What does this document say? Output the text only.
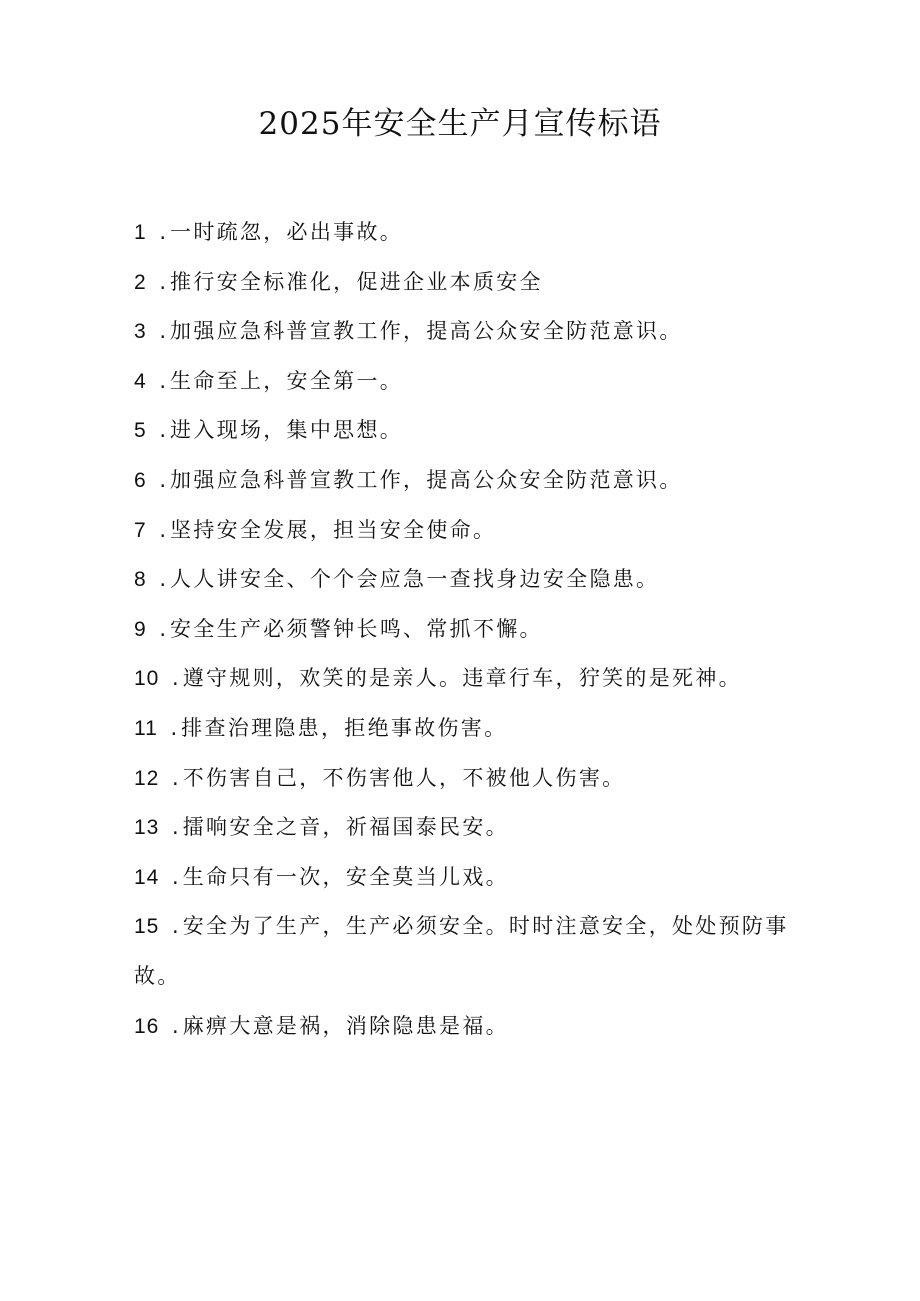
2025年安全生产月宣传标语
1 .一时疏忽，必出事故。
2 .推行安全标准化，促进企业本质安全
3 .加强应急科普宣教工作，提高公众安全防范意识。
4 .生命至上，安全第一。
5 .进入现场，集中思想。
6 .加强应急科普宣教工作，提高公众安全防范意识。
7 .坚持安全发展，担当安全使命。
8 .人人讲安全、个个会应急一查找身边安全隐患。
9 .安全生产必须警钟长鸣、常抓不懈。
10 .遵守规则，欢笑的是亲人。违章行车，狞笑的是死神。
11 .排查治理隐患，拒绝事故伤害。
12 .不伤害自己，不伤害他人，不被他人伤害。
13 .擂响安全之音，祈福国泰民安。
14 .生命只有一次，安全莫当儿戏。
15 .安全为了生产，生产必须安全。时时注意安全，处处预防事故。
16 .麻痹大意是祸，消除隐患是福。
